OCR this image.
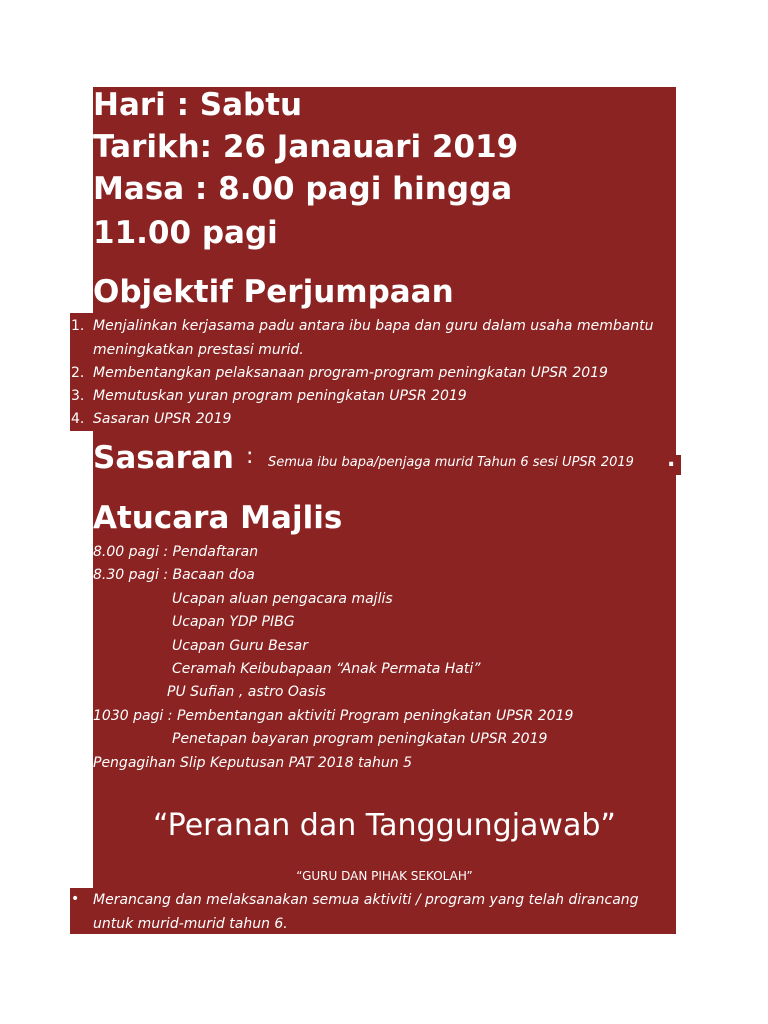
Hari : Sabtu
Tarikh: 26 Janauari 2019
Masa : 8.00 pagi hingga
11.00 pagi
Objektif Perjumpaan
1. Menjalinkan kerjasama padu antara ibu bapa dan guru dalam usaha membantu
meningkatkan prestasi murid.
2. Membentangkan pelaksanaan program-program peningkatan UPSR 2019
3. Memutuskan yuran program peningkatan UPSR 2019
4. Sasaran UPSR 2019
Sasaran : Semua ibu bapa/penjaga murid Tahun 6 sesi UPSR 2019 .
Atucara Majlis
8.00 pagi : Pendaftaran
8.30 pagi : Bacaan doa
Ucapan aluan pengacara majlis
Ucapan YDP PIBG
Ucapan Guru Besar
Ceramah Keibubapaan “Anak Permata Hati”
PU Sufian , astro Oasis
1030 pagi : Pembentangan aktiviti Program peningkatan UPSR 2019
Penetapan bayaran program peningkatan UPSR 2019
Pengagihan Slip Keputusan PAT 2018 tahun 5
“Peranan dan Tanggungjawab”
“GURU DAN PIHAK SEKOLAH”
• Merancang dan melaksanakan semua aktiviti / program yang telah dirancang
untuk murid-murid tahun 6.
